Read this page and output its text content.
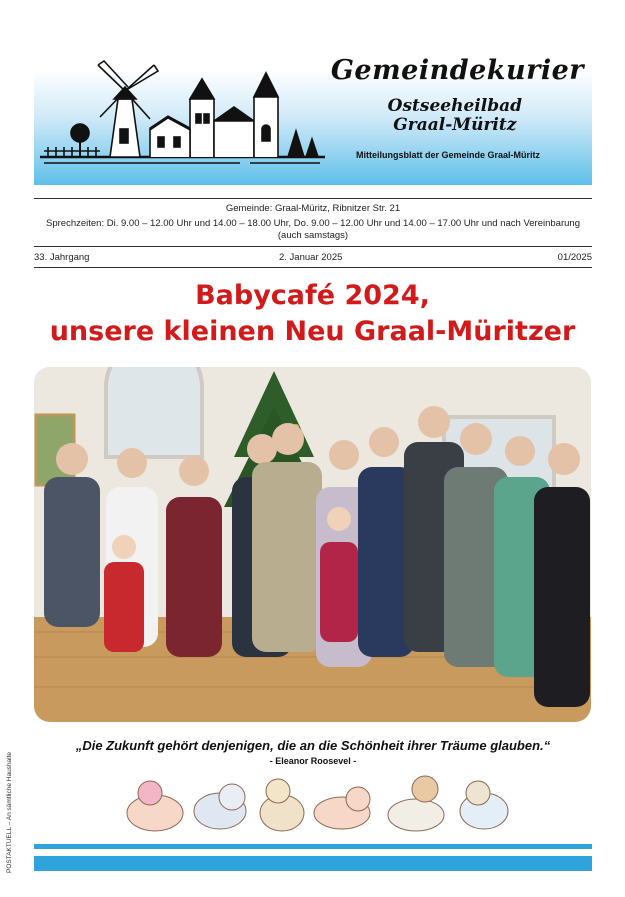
Gemeindekurier
Ostseeheilbad
Graal-Müritz
Mitteilungsblatt der Gemeinde Graal-Müritz
Gemeinde: Graal-Müritz, Ribnitzer Str. 21
Sprechzeiten: Di. 9.00 – 12.00 Uhr und 14.00 – 18.00 Uhr, Do. 9.00 – 12.00 Uhr und 14.00 – 17.00 Uhr und nach Vereinbarung
(auch samstags)
33. Jahrgang	2. Januar 2025	01/2025
Babycafé 2024,
unsere kleinen Neu Graal-Müritzer
„Die Zukunft gehört denjenigen, die an die Schönheit ihrer Träume glauben.“
- Eleanor Roosevel -
POSTAKTUELL – An sämtliche Haushalte
